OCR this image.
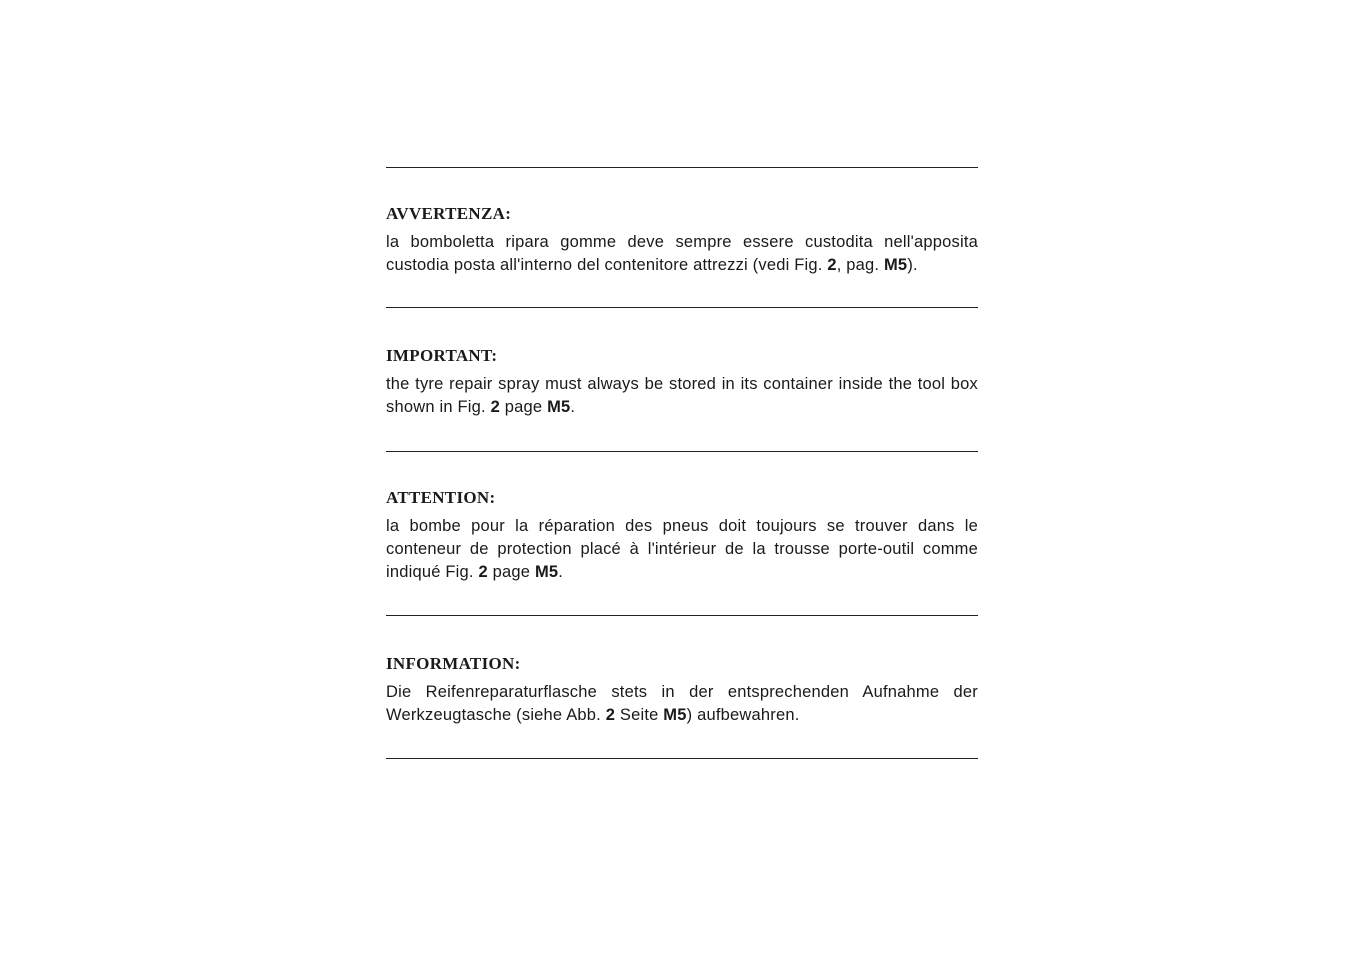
AVVERTENZA:

la bomboletta ripara gomme deve sempre essere custodita nell'apposita custodia posta all'interno del contenitore attrezzi (vedi Fig. 2, pag. M5).

IMPORTANT:

the tyre repair spray must always be stored in its container inside the tool box shown in Fig. 2 page M5.

ATTENTION:

la bombe pour la réparation des pneus doit toujours se trouver dans le conteneur de protection placé à l'intérieur de la trousse porte-outil comme indiqué Fig. 2 page M5.

INFORMATION:

Die Reifenreparaturflasche stets in der entsprechenden Aufnahme der Werkzeugtasche (siehe Abb. 2 Seite M5) aufbewahren.
